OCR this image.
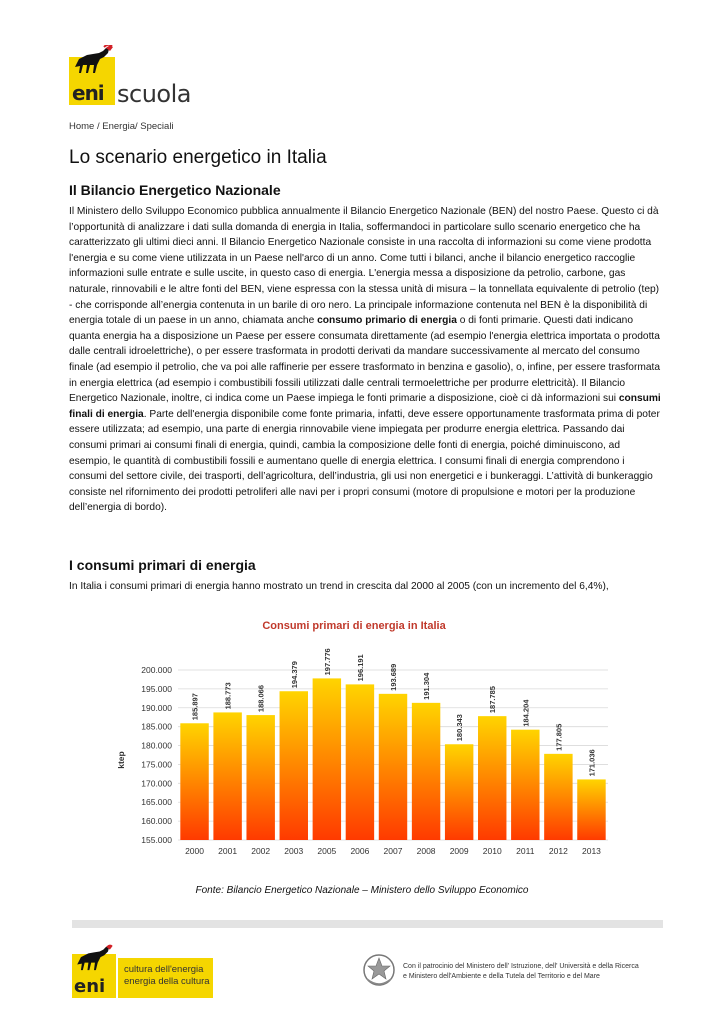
eni scuola
Home / Energia/ Speciali
Lo scenario energetico in Italia
Il Bilancio Energetico Nazionale

Il Ministero dello Sviluppo Economico pubblica annualmente il Bilancio Energetico Nazionale (BEN) del nostro Paese. Questo ci dà l’opportunità di analizzare i dati sulla domanda di energia in Italia, soffermandoci in particolare sullo scenario energetico che ha caratterizzato gli ultimi dieci anni. Il Bilancio Energetico Nazionale consiste in una raccolta di informazioni su come viene prodotta l'energia e su come viene utilizzata in un Paese nell'arco di un anno. Come tutti i bilanci, anche il bilancio energetico raccoglie informazioni sulle entrate e sulle uscite, in questo caso di energia. L'energia messa a disposizione da petrolio, carbone, gas naturale, rinnovabili e le altre fonti del BEN, viene espressa con la stessa unità di misura – la tonnellata equivalente di petrolio (tep) - che corrisponde all’energia contenuta in un barile di oro nero. La principale informazione contenuta nel BEN è la disponibilità di energia totale di un paese in un anno, chiamata anche consumo primario di energia o di fonti primarie. Questi dati indicano quanta energia ha a disposizione un Paese per essere consumata direttamente (ad esempio l'energia elettrica importata o prodotta dalle centrali idroelettriche), o per essere trasformata in prodotti derivati da mandare successivamente al mercato del consumo finale (ad esempio il petrolio, che va poi alle raffinerie per essere trasformato in benzina e gasolio), o, infine, per essere trasformata in energia elettrica (ad esempio i combustibili fossili utilizzati dalle centrali termoelettriche per produrre elettricità). Il Bilancio Energetico Nazionale, inoltre, ci indica come un Paese impiega le fonti primarie a disposizione, cioè ci dà informazioni sui consumi finali di energia. Parte dell'energia disponibile come fonte primaria, infatti, deve essere opportunamente trasformata prima di poter essere utilizzata; ad esempio, una parte di energia rinnovabile viene impiegata per produrre energia elettrica. Passando dai consumi primari ai consumi finali di energia, quindi, cambia la composizione delle fonti di energia, poiché diminuiscono, ad esempio, le quantità di combustibili fossili e aumentano quelle di energia elettrica. I consumi finali di energia comprendono i consumi del settore civile, dei trasporti, dell’agricoltura, dell’industria, gli usi non energetici e i bunkeraggi. L’attività di bunkeraggio consiste nel rifornimento dei prodotti petroliferi alle navi per i propri consumi (motore di propulsione e motori per la produzione dell’energia di bordo).

I consumi primari di energia

In Italia i consumi primari di energia hanno mostrato un trend in crescita dal 2000 al 2005 (con un incremento del 6,4%),

Consumi primari di energia in Italia
ktep
155.000
160.000
165.000
170.000
175.000
180.000
185.000
190.000
195.000
200.000
185.897
2000
188.773
2001
188.066
2002
194.379
2003
197.776
2005
196.191
2006
193.689
2007
191.304
2008
180.343
2009
187.785
2010
184.204
2011
177.805
2012
171.036
2013
Fonte: Bilancio Energetico Nazionale – Ministero dello Sviluppo Economico
eni
cultura dell'energia
energia della cultura
Con il patrocinio del Ministero dell' Istruzione, dell' Università e della Ricerca
e Ministero dell'Ambiente e della Tutela del Territorio e del Mare
